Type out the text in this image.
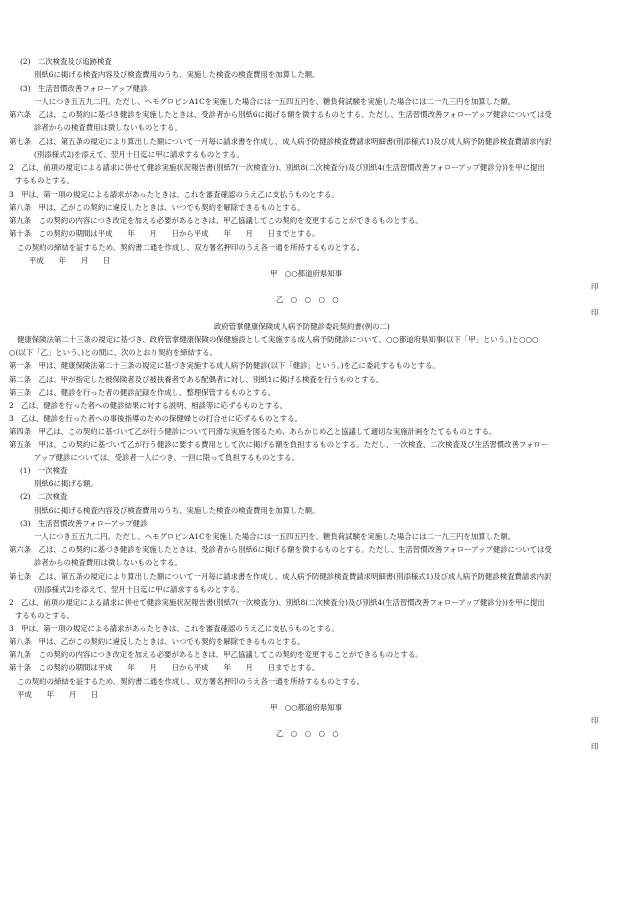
(2)　二次検査及び追跡検査
別紙6に掲げる検査内容及び検査費用のうち、実施した検査の検査費用を加算した額。
(3)　生活習慣改善フォローアップ健診
一人につき五五九二円。ただし、ヘモグロビンA1Cを実施した場合には一五四五円を、糖負荷試験を実施した場合には二一九三円を加算した額。
第六条　乙は、この契約に基づき健診を実施したときは、受診者から別紙6に掲げる額を徴するものとする。ただし、生活習慣改善フォローアップ健診については受
診者からの検査費用は徴しないものとする。
第七条　乙は、第五条の規定により算出した額について一月毎に請求書を作成し、成人病予防健診検査費請求明細書(別添様式1)及び成人病予防健診検査費請求内訳
(別添様式2)を添えて、翌月十日迄に甲に請求するものとする。
2　乙は、前項の規定による請求に併せて健診実施状況報告書(別紙7(一次検査分)、別紙8(二次検査分)及び別紙4(生活習慣改善フォローアップ健診分))を甲に提出
するものとする。
3　甲は、第一項の規定による請求があったときは、これを審査確認のうえ乙に支払うものとする。
第八条　甲は、乙がこの契約に違反したときは、いつでも契約を解除できるものとする。
第九条　この契約の内容につき改定を加える必要があるときは、甲乙協議してこの契約を変更することができるものとする。
第十条　この契約の期間は平成　　年　　月　　日から平成　　年　　月　　日までとする。
この契約の締結を証するため、契約書二通を作成し、双方署名押印のうえ各一通を所持するものとする。
平成　　年　　月　　日
甲　○○都道府県知事
印
乙　○　○　○　○
印
政府管掌健康保険成人病予防健診委託契約書(例の二)
健康保険法第二十三条の規定に基づき、政府管掌健康保険の保健施設として実施する成人病予防健診について、○○都道府県知事(以下「甲」という。)と○○○
○(以下「乙」という。)との間に、次のとおり契約を締結する。
第一条　甲は、健康保険法第二十三条の規定に基づき実施する成人病予防健診(以下「健診」という。)を乙に委託するものとする。
第二条　乙は、甲が指定した被保険者及び被扶養者である配偶者に対し、別紙1に掲げる検査を行うものとする。
第三条　乙は、健診を行った者の健診記録を作成し、整理保管するものとする。
2　乙は、健診を行った者への健診結果に対する説明、相談等に応ずるものとする。
3　乙は、健診を行った者への事後指導のための保健婦との打合せに応ずるものとする。
第四条　甲乙は、この契約に基づいて乙が行う健診について円滑な実施を図るため、あらかじめ乙と協議して適切な実施計画をたてるものとする。
第五条　甲は、この契約に基づいて乙が行う健診に要する費用として次に掲げる額を負担するものとする。ただし、一次検査、二次検査及び生活習慣改善フォロー
アップ健診については、受診者一人につき、一回に限って負担するものとする。
(1)　一次検査
別紙6に掲げる額。
(2)　二次検査
別紙6に掲げる検査内容及び検査費用のうち、実施した検査の検査費用を加算した額。
(3)　生活習慣改善フォローアップ健診
一人につき五五九二円。ただし、ヘモグロビンA1Cを実施した場合には一五四五円を、糖負荷試験を実施した場合には二一九三円を加算した額。
第六条　乙は、この契約に基づき健診を実施したときは、受診者から別紙6に掲げる額を徴するものとする。ただし、生活習慣改善フォローアップ健診については受
診者からの検査費用は徴しないものとする。
第七条　乙は、第五条の規定により算出した額について一月毎に請求書を作成し、成人病予防健診検査費請求明細書(別添様式1)及び成人病予防健診検査費請求内訳
(別添様式2)を添えて、翌月十日迄に甲に請求するものとする。
2　乙は、前項の規定による請求に併せて健診実施状況報告書(別紙7(一次検査分)、別紙8(二次検査分)及び別紙4(生活習慣改善フォローアップ健診分))を甲に提出
するものとする。
3　甲は、第一項の規定による請求があったときは、これを審査確認のうえ乙に支払うものとする。
第八条　甲は、乙がこの契約に違反したときは、いつでも契約を解除できるものとする。
第九条　この契約の内容につき改定を加える必要があるときは、甲乙協議してこの契約を変更することができるものとする。
第十条　この契約の期間は平成　　年　　月　　日から平成　　年　　月　　日までとする。
この契約の締結を証するため、契約書二通を作成し、双方署名押印のうえ各一通を所持するものとする。
平成　　年　　月　　日
甲　○○都道府県知事
印
乙　○　○　○　○
印
